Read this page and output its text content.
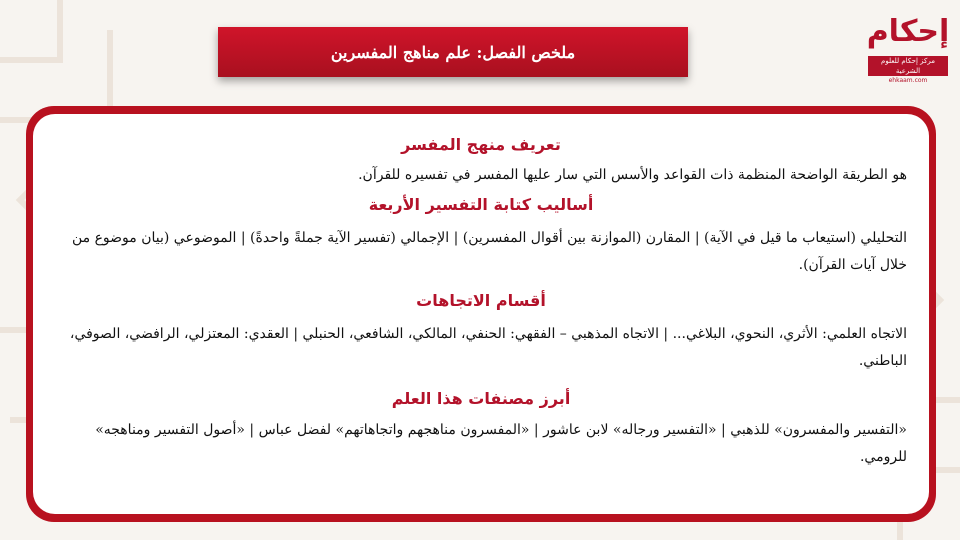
ملخص الفصل: علم مناهج المفسرين
إحكام
مركز إحكام للعلوم الشرعية
ehkaam.com
تعريف منهج المفسر
هو الطريقة الواضحة المنظمة ذات القواعد والأسس التي سار عليها المفسر في تفسيره للقرآن.
أساليب كتابة التفسير الأربعة
التحليلي (استيعاب ما قيل في الآية) | المقارن (الموازنة بين أقوال المفسرين) | الإجمالي (تفسير الآية جملةً واحدةً) | الموضوعي (بيان موضوع من خلال آيات القرآن).
أقسام الاتجاهات
الاتجاه العلمي: الأثري، النحوي، البلاغي... | الاتجاه المذهبي – الفقهي: الحنفي، المالكي، الشافعي، الحنبلي | العقدي: المعتزلي، الرافضي، الصوفي، الباطني.
أبرز مصنفات هذا العلم
«التفسير والمفسرون» للذهبي | «التفسير ورجاله» لابن عاشور | «المفسرون مناهجهم واتجاهاتهم» لفضل عباس | «أصول التفسير ومناهجه» للرومي.
